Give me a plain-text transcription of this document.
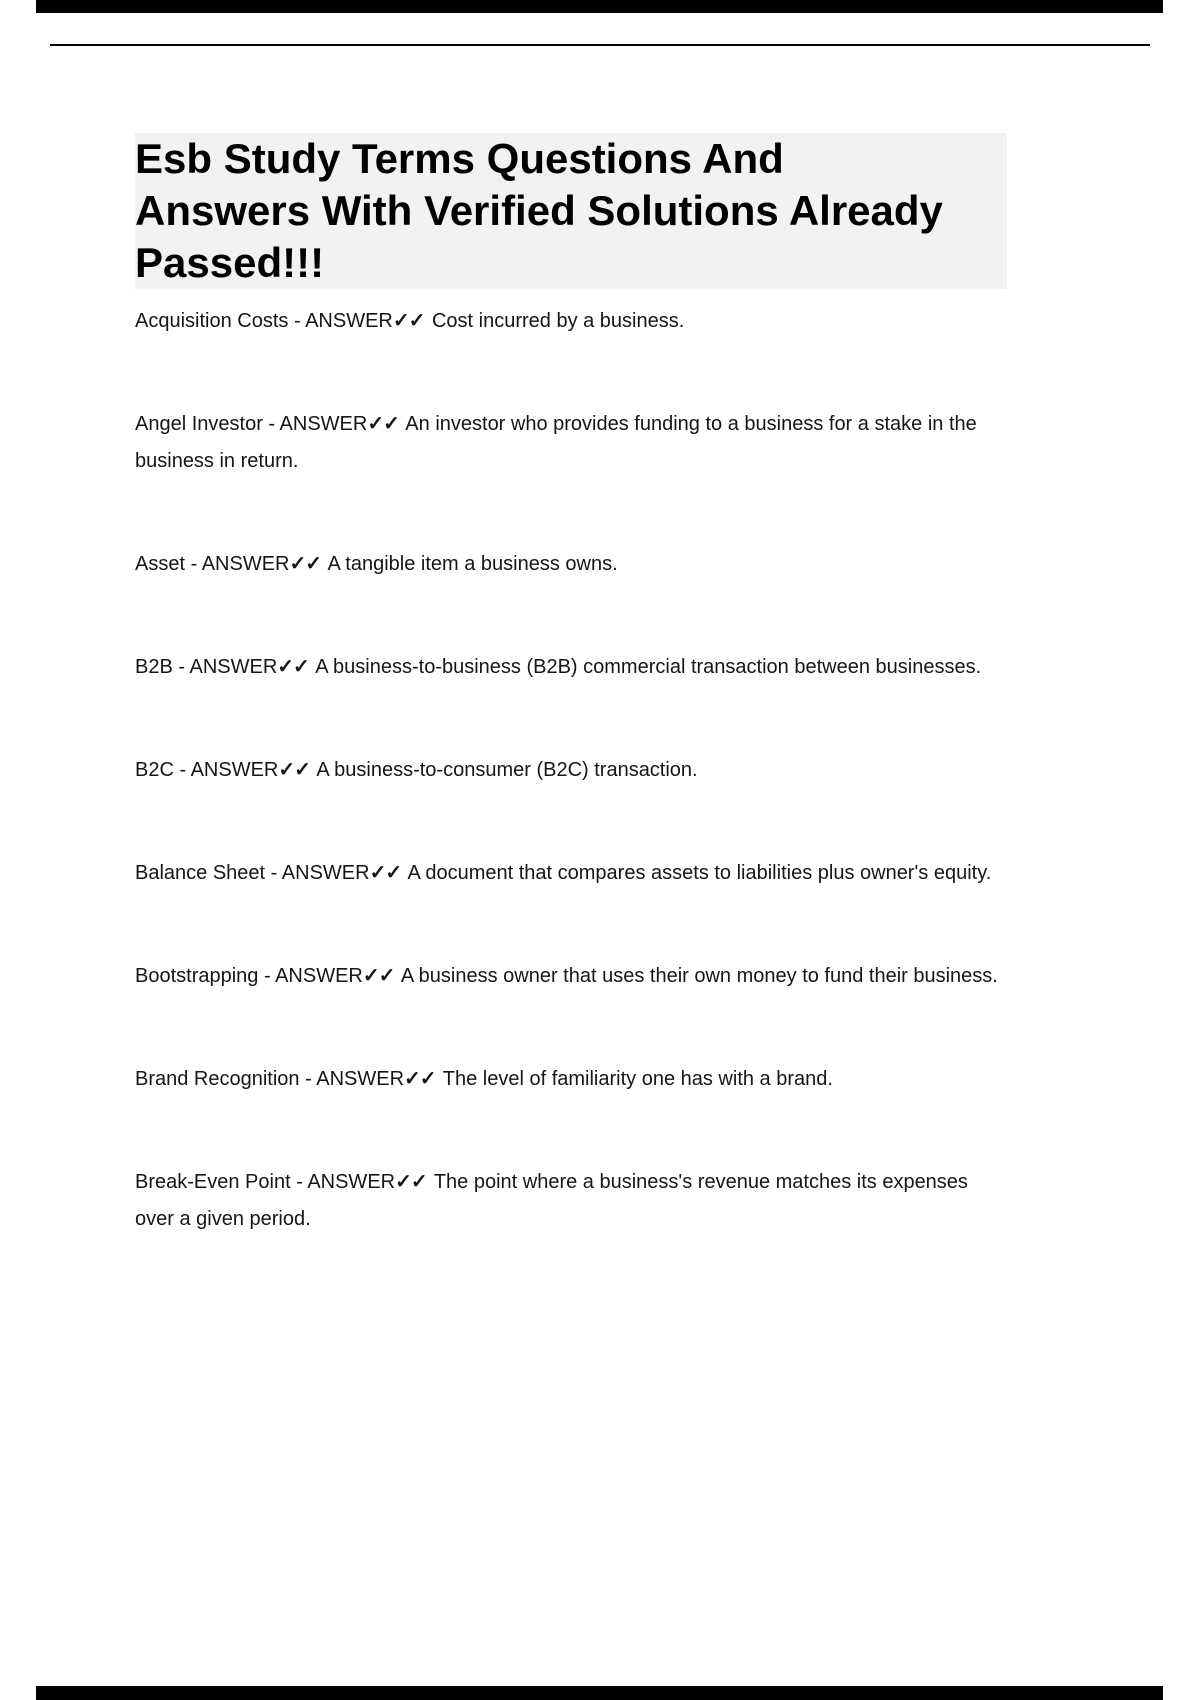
Esb Study Terms Questions And
Answers With Verified Solutions Already
Passed!!!

Acquisition Costs - ANSWER✓✓ Cost incurred by a business.

Angel Investor - ANSWER✓✓ An investor who provides funding to a business for a stake in the business in return.

Asset - ANSWER✓✓ A tangible item a business owns.

B2B - ANSWER✓✓ A business-to-business (B2B) commercial transaction between businesses.

B2C - ANSWER✓✓ A business-to-consumer (B2C) transaction.

Balance Sheet - ANSWER✓✓ A document that compares assets to liabilities plus owner's equity.

Bootstrapping - ANSWER✓✓ A business owner that uses their own money to fund their business.

Brand Recognition - ANSWER✓✓ The level of familiarity one has with a brand.

Break-Even Point - ANSWER✓✓ The point where a business's revenue matches its expenses over a given period.
